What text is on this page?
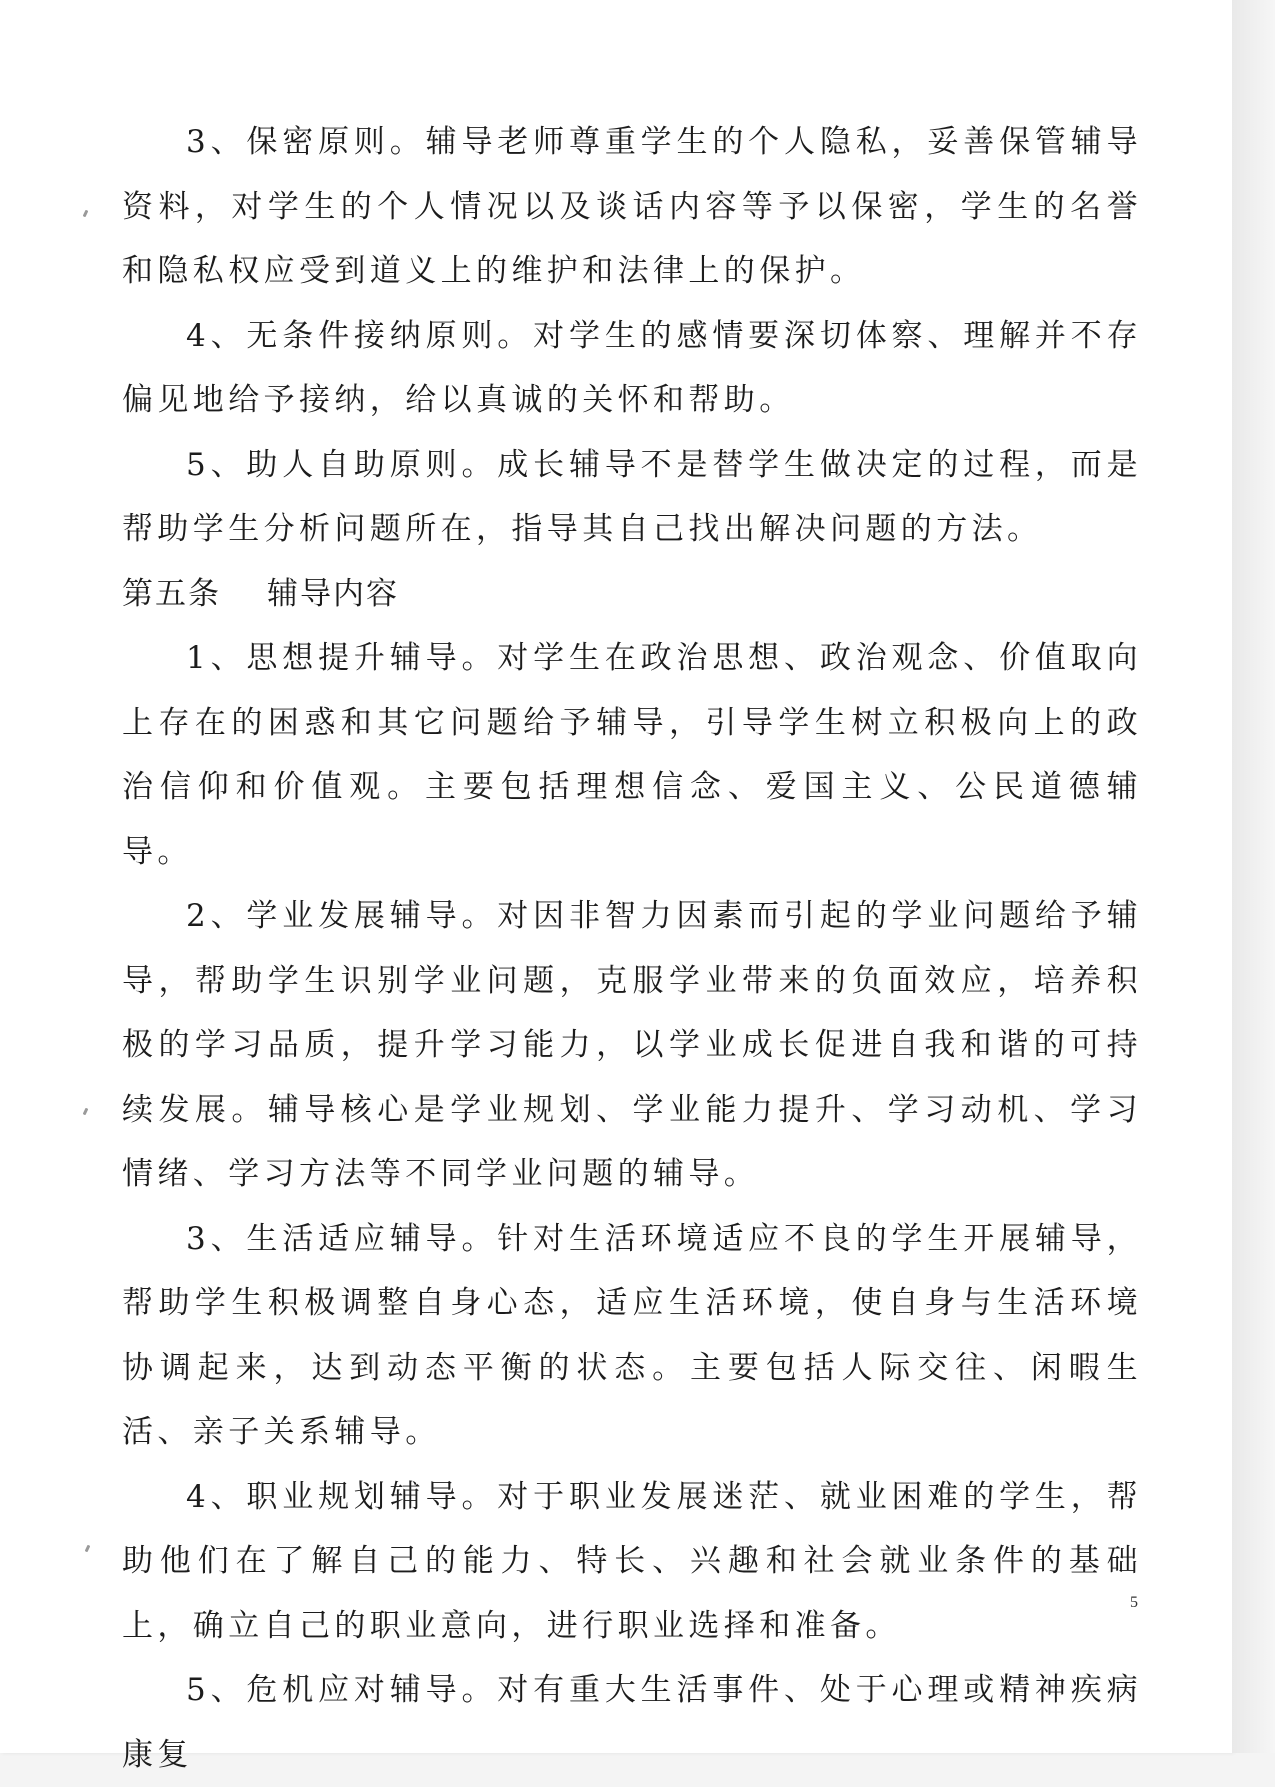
3、保密原则。辅导老师尊重学生的个人隐私，妥善保管辅导资料，对学生的个人情况以及谈话内容等予以保密，学生的名誉和隐私权应受到道义上的维护和法律上的保护。

4、无条件接纳原则。对学生的感情要深切体察、理解并不存偏见地给予接纳，给以真诚的关怀和帮助。

5、助人自助原则。成长辅导不是替学生做决定的过程，而是帮助学生分析问题所在，指导其自己找出解决问题的方法。

第五条 辅导内容

1、思想提升辅导。对学生在政治思想、政治观念、价值取向上存在的困惑和其它问题给予辅导，引导学生树立积极向上的政治信仰和价值观。主要包括理想信念、爱国主义、公民道德辅导。

2、学业发展辅导。对因非智力因素而引起的学业问题给予辅导，帮助学生识别学业问题，克服学业带来的负面效应，培养积极的学习品质，提升学习能力，以学业成长促进自我和谐的可持续发展。辅导核心是学业规划、学业能力提升、学习动机、学习情绪、学习方法等不同学业问题的辅导。

3、生活适应辅导。针对生活环境适应不良的学生开展辅导，帮助学生积极调整自身心态，适应生活环境，使自身与生活环境协调起来，达到动态平衡的状态。主要包括人际交往、闲暇生活、亲子关系辅导。

4、职业规划辅导。对于职业发展迷茫、就业困难的学生，帮助他们在了解自己的能力、特长、兴趣和社会就业条件的基础上，确立自己的职业意向，进行职业选择和准备。

5、危机应对辅导。对有重大生活事件、处于心理或精神疾病康复

5
